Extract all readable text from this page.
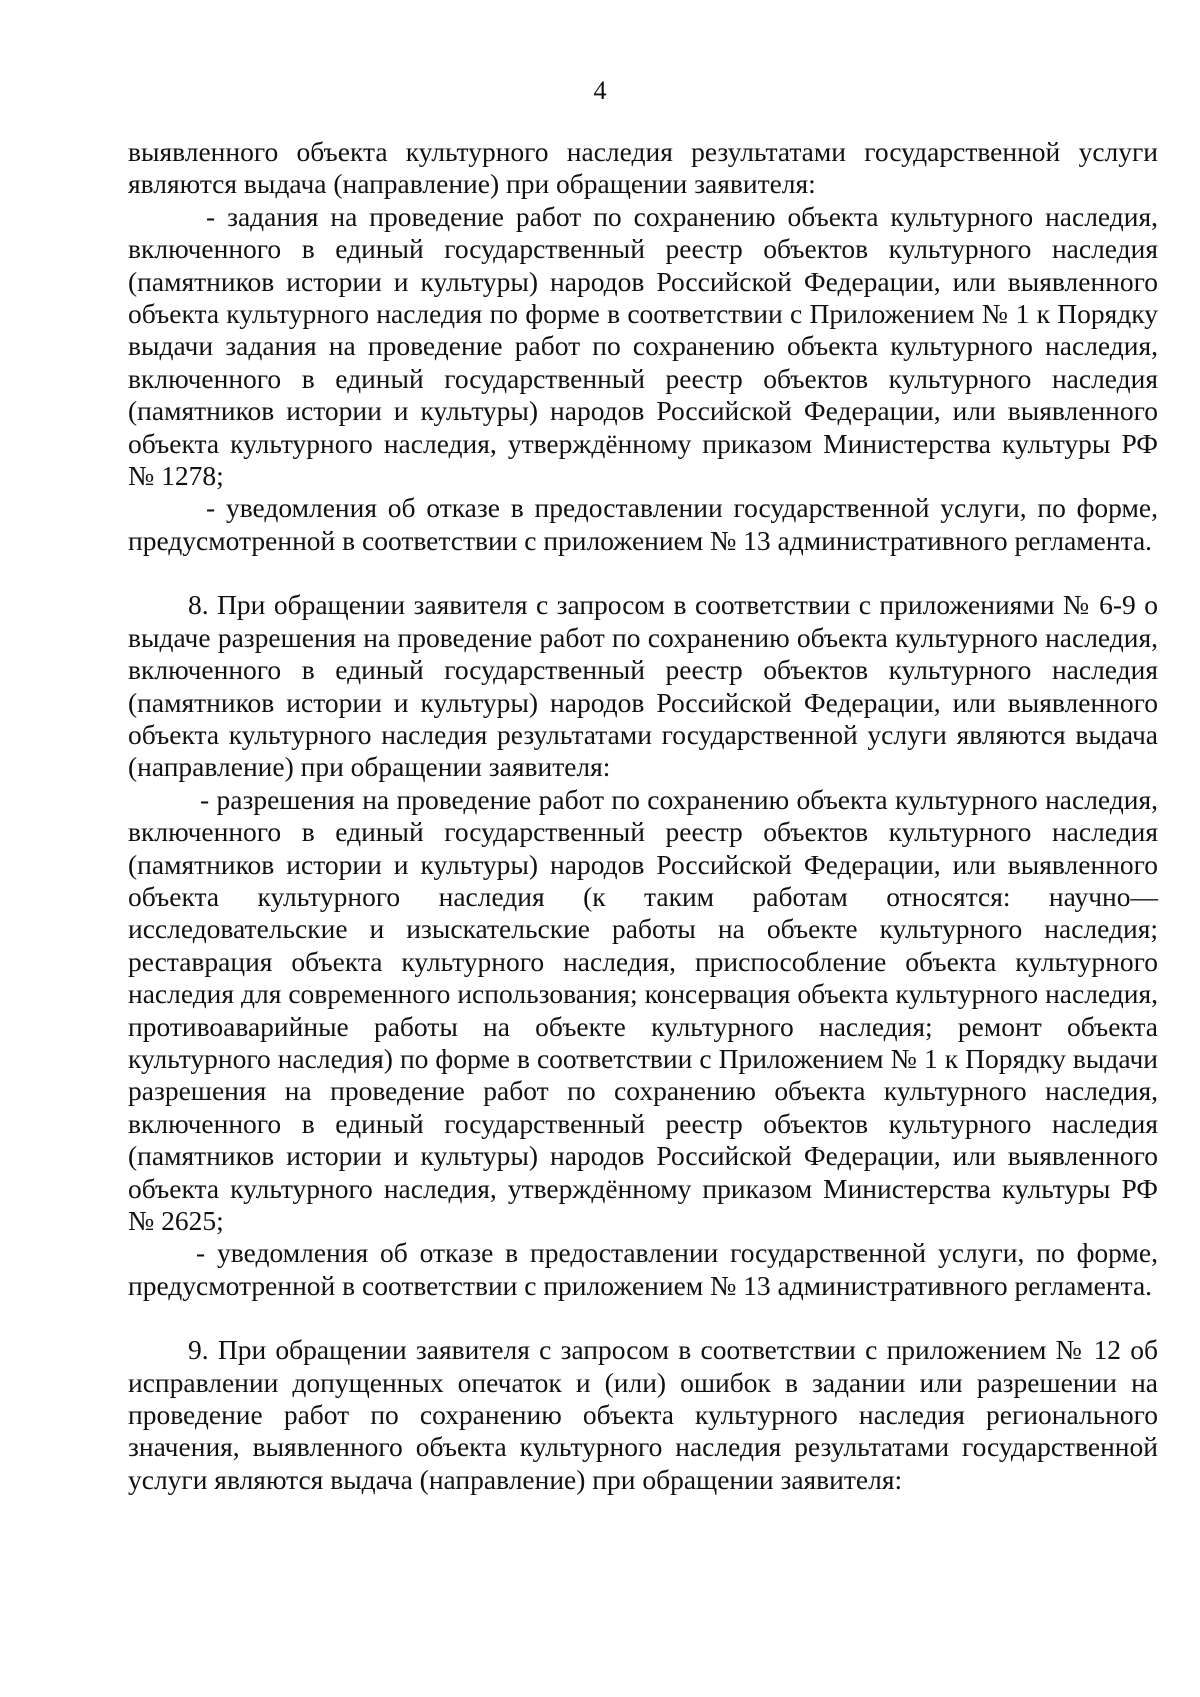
4

выявленного объекта культурного наследия результатами государственной услуги являются выдача (направление) при обращении заявителя:

- задания на проведение работ по сохранению объекта культурного наследия, включенного в единый государственный реестр объектов культурного наследия (памятников истории и культуры) народов Российской Федерации, или выявленного объекта культурного наследия по форме в соответствии с Приложением № 1 к Порядку выдачи задания на проведение работ по сохранению объекта культурного наследия, включенного в единый государственный реестр объектов культурного наследия (памятников истории и культуры) народов Российской Федерации, или выявленного объекта культурного наследия, утверждённому приказом Министерства культуры РФ № 1278;

- уведомления об отказе в предоставлении государственной услуги, по форме, предусмотренной в соответствии с приложением № 13 административного регламента.

8. При обращении заявителя с запросом в соответствии с приложениями № 6-9 о выдаче разрешения на проведение работ по сохранению объекта культурного наследия, включенного в единый государственный реестр объектов культурного наследия (памятников истории и культуры) народов Российской Федерации, или выявленного объекта культурного наследия результатами государственной услуги являются выдача (направление) при обращении заявителя:

- разрешения на проведение работ по сохранению объекта культурного наследия, включенного в единый государственный реестр объектов культурного наследия (памятников истории и культуры) народов Российской Федерации, или выявленного объекта культурного наследия (к таким работам относятся: научно— исследовательские и изыскательские работы на объекте культурного наследия; реставрация объекта культурного наследия, приспособление объекта культурного наследия для современного использования; консервация объекта культурного наследия, противоаварийные работы на объекте культурного наследия; ремонт объекта культурного наследия) по форме в соответствии с Приложением № 1 к Порядку выдачи разрешения на проведение работ по сохранению объекта культурного наследия, включенного в единый государственный реестр объектов культурного наследия (памятников истории и культуры) народов Российской Федерации, или выявленного объекта культурного наследия, утверждённому приказом Министерства культуры РФ № 2625;

- уведомления об отказе в предоставлении государственной услуги, по форме, предусмотренной в соответствии с приложением № 13 административного регламента.

9. При обращении заявителя с запросом в соответствии с приложением № 12 об исправлении допущенных опечаток и (или) ошибок в задании или разрешении на проведение работ по сохранению объекта культурного наследия регионального значения, выявленного объекта культурного наследия результатами государственной услуги являются выдача (направление) при обращении заявителя:
